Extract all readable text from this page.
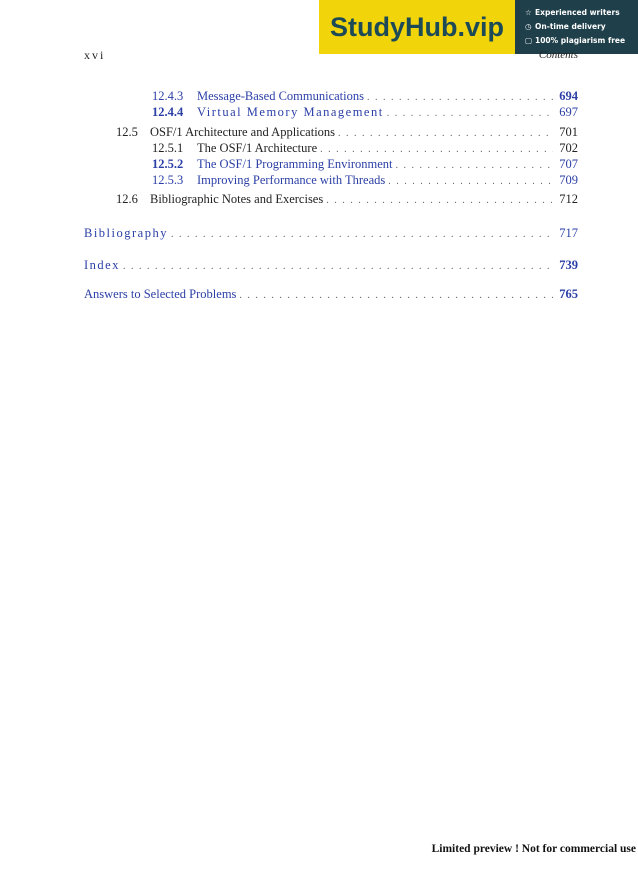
StudyHub.vip	☆ Experienced writers
◷ On-time delivery
▢ 100% plagiarism free
xvi	Contents
12.4.3	Message-Based Communications . . .	694
12.4.4	Virtual Memory Management . . .	697
12.5 OSF/1 Architecture and Applications . . .	701
12.5.1	The OSF/1 Architecture . . .	702
12.5.2	The OSF/1 Programming Environment . . .	707
12.5.3	Improving Performance with Threads . . .	709
12.6 Bibliographic Notes and Exercises . . .	712
Bibliography . . .	717
Index . . .	739
Answers to Selected Problems . . .	765
Limited preview ! Not for commercial use
